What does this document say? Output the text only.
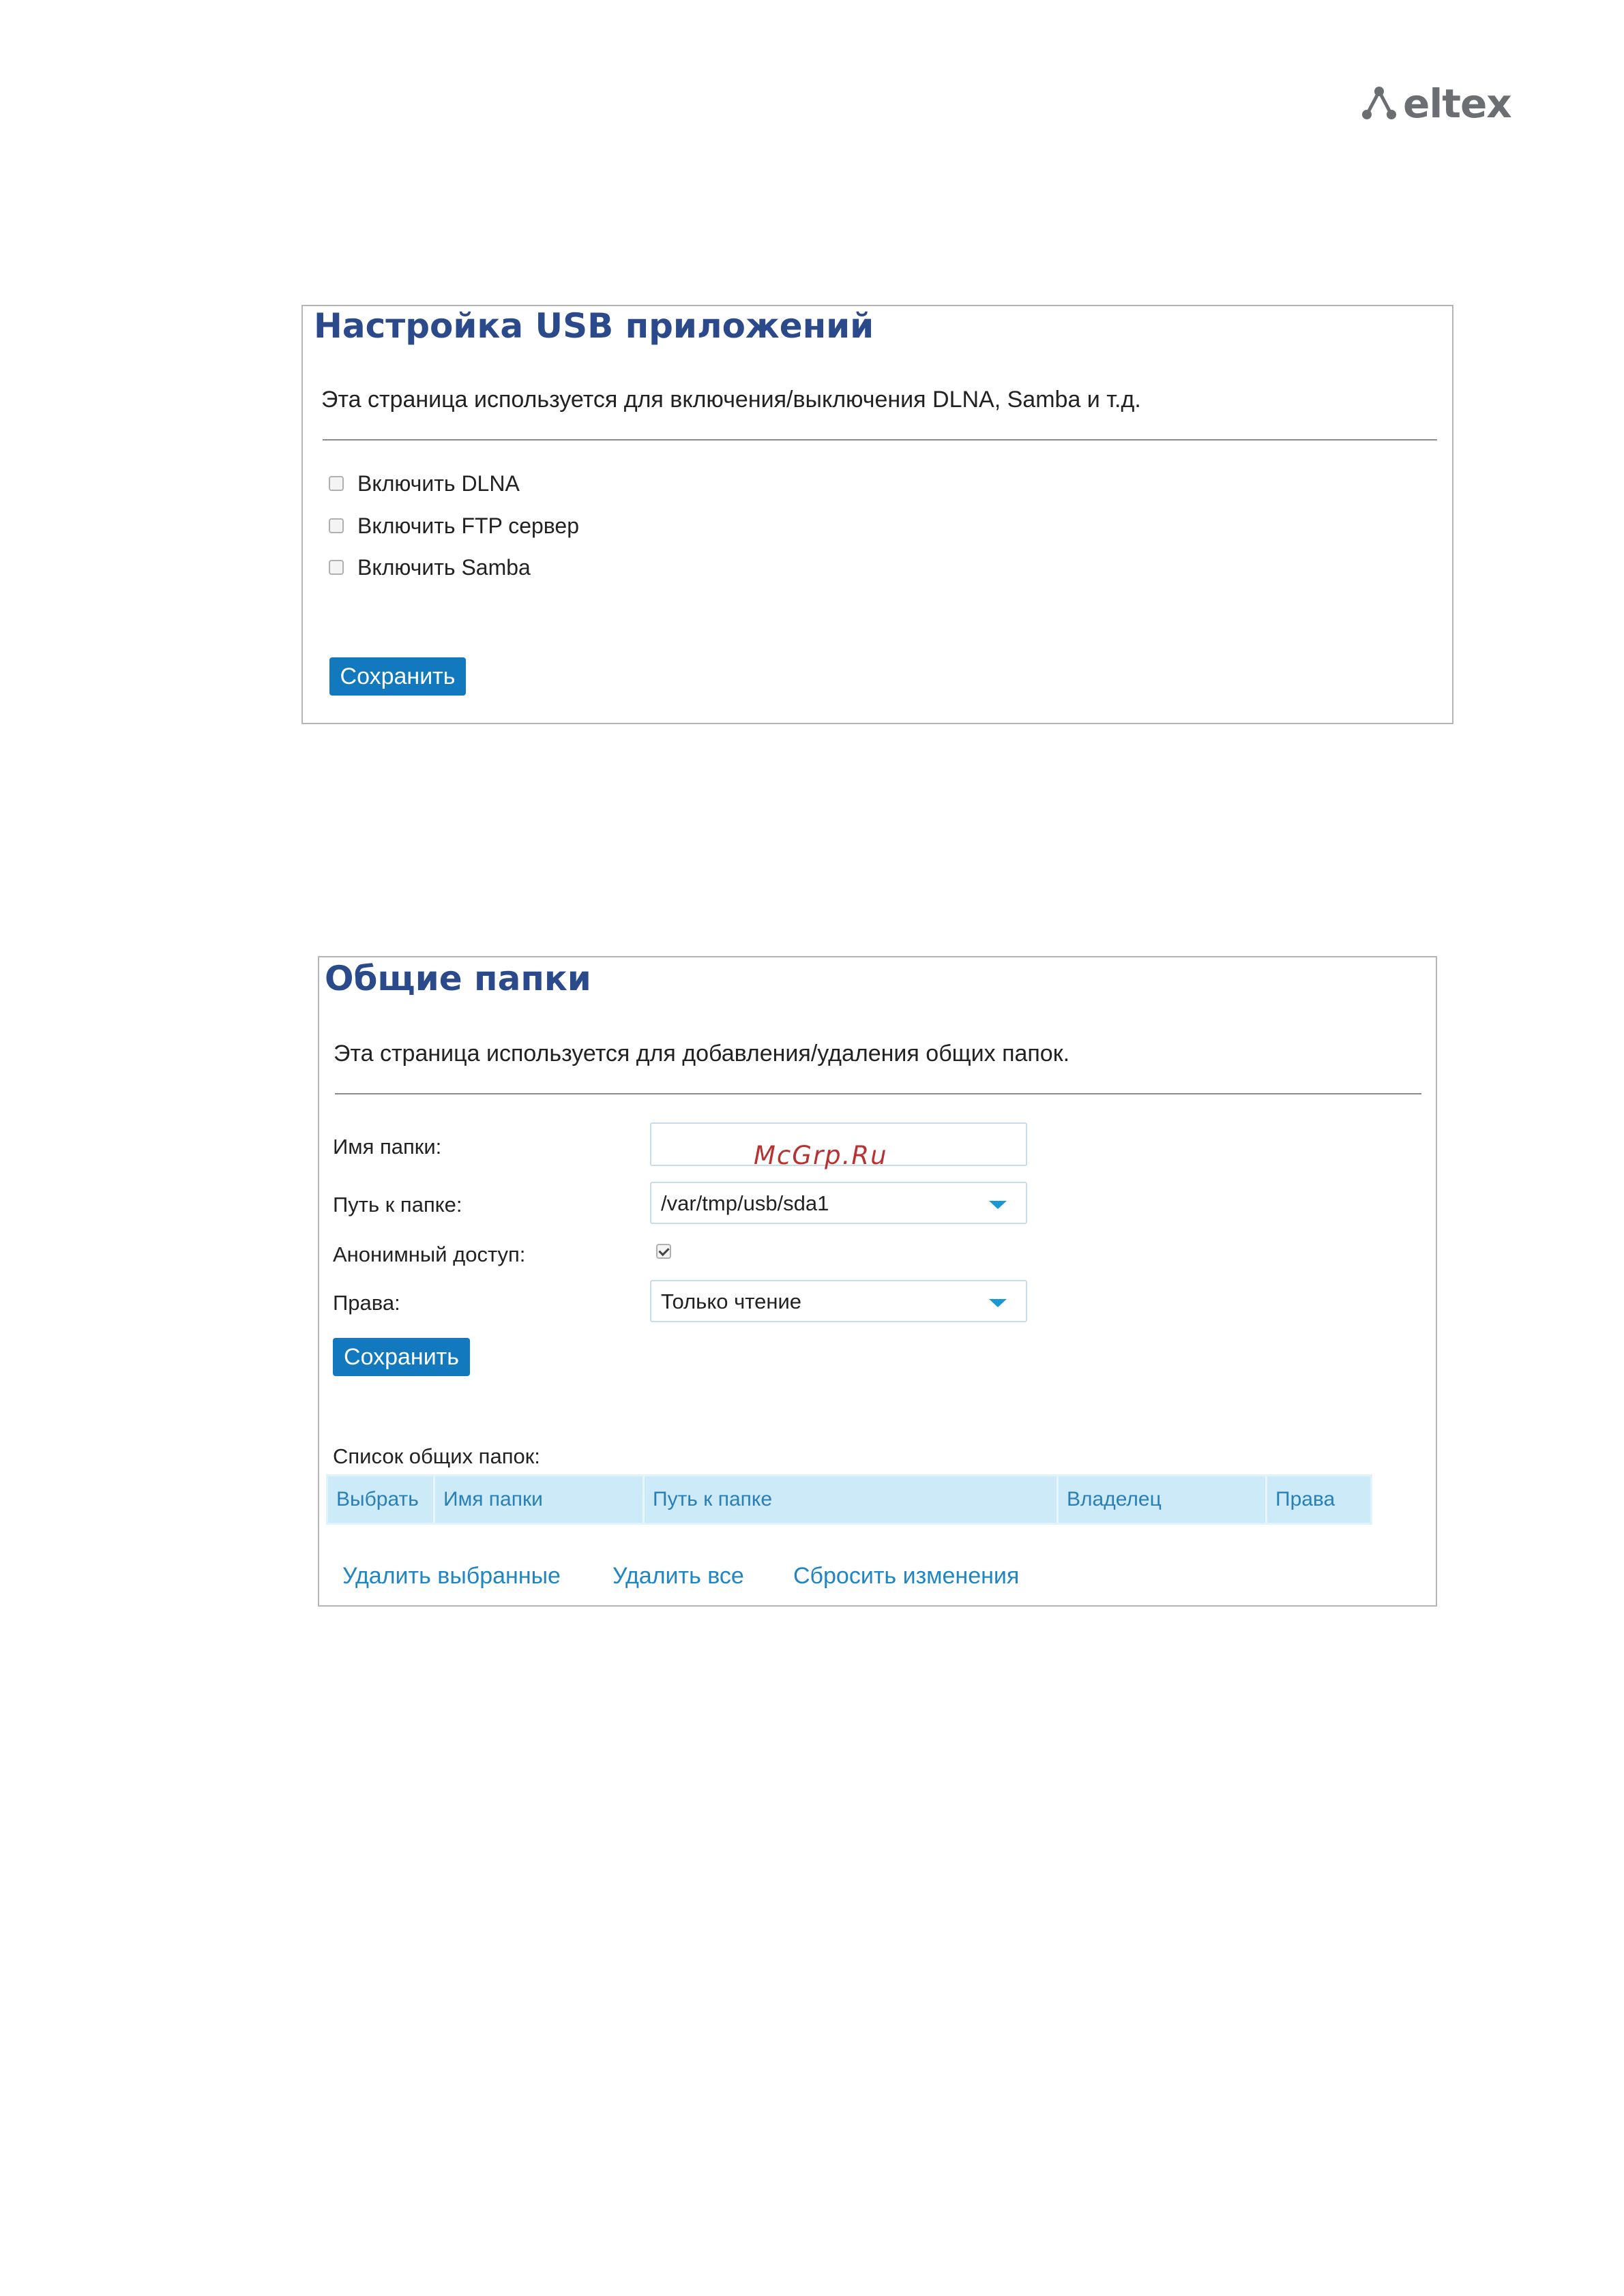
eltex
Настройка USB приложений
Эта страница используется для включения/выключения DLNA, Samba и т.д.
Включить DLNA
Включить FTP сервер
Включить Samba
Сохранить
Общие папки
Эта страница используется для добавления/удаления общих папок.
Имя папки:
Путь к папке:	/var/tmp/usb/sda1
Анонимный доступ:
Права:	Только чтение
Сохранить
Список общих папок:
Выбрать	Имя папки	Путь к папке	Владелец	Права
Удалить выбранные Удалить все Сбросить изменения
McGrp.Ru
